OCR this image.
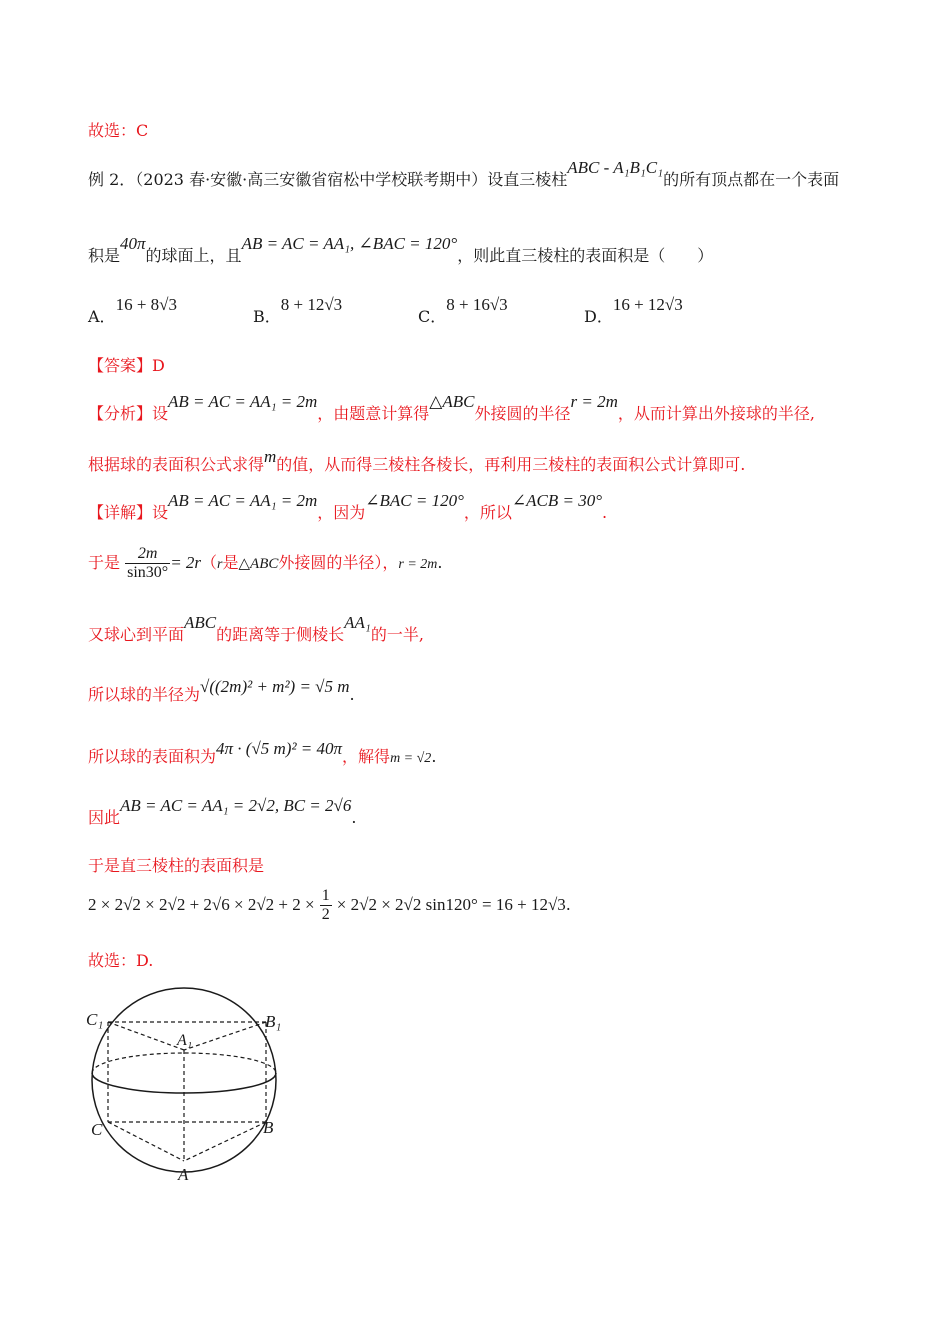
故选：C
例 2．（2023 春·安徽·高三安徽省宿松中学校联考期中）设直三棱柱ABC - A₁B₁C₁的所有顶点都在一个表面
积是40π的球面上，且AB = AC = AA₁, ∠BAC = 120°，则此直三棱柱的表面积是（　　）
A．16 + 8√3
B．8 + 12√3
C．8 + 16√3
D．16 + 12√3
【答案】D
【分析】设AB = AC = AA₁ = 2m，由题意计算得△ABC外接圆的半径r = 2m，从而计算出外接球的半径,
根据球的表面积公式求得m的值，从而得三棱柱各棱长，再利用三棱柱的表面积公式计算即可.
【详解】设AB = AC = AA₁ = 2m，因为∠BAC = 120°，所以∠ACB = 30°.
于是 $\frac{2m}{\sin 30^\circ} = 2r(r$是△ABC外接圆的半径），r = 2m.
又球心到平面ABC的距离等于侧棱长AA₁的一半,
所以球的半径为√((2m)² + m²) = √5 m.
所以球的表面积为4π · (√5 m)² = 40π，解得m = √2.
因此AB = AC = AA₁ = 2√2, BC = 2√6.
于是直三棱柱的表面积是
$2 \times 2√2 \times 2√2 + 2√6 \times 2√2 + 2 \times \frac{1}{2} \times 2√2 \times 2√2$ sin120° = 16 + 12√3.
故选：D.
C₁	B₁
A₁
C	B
A
